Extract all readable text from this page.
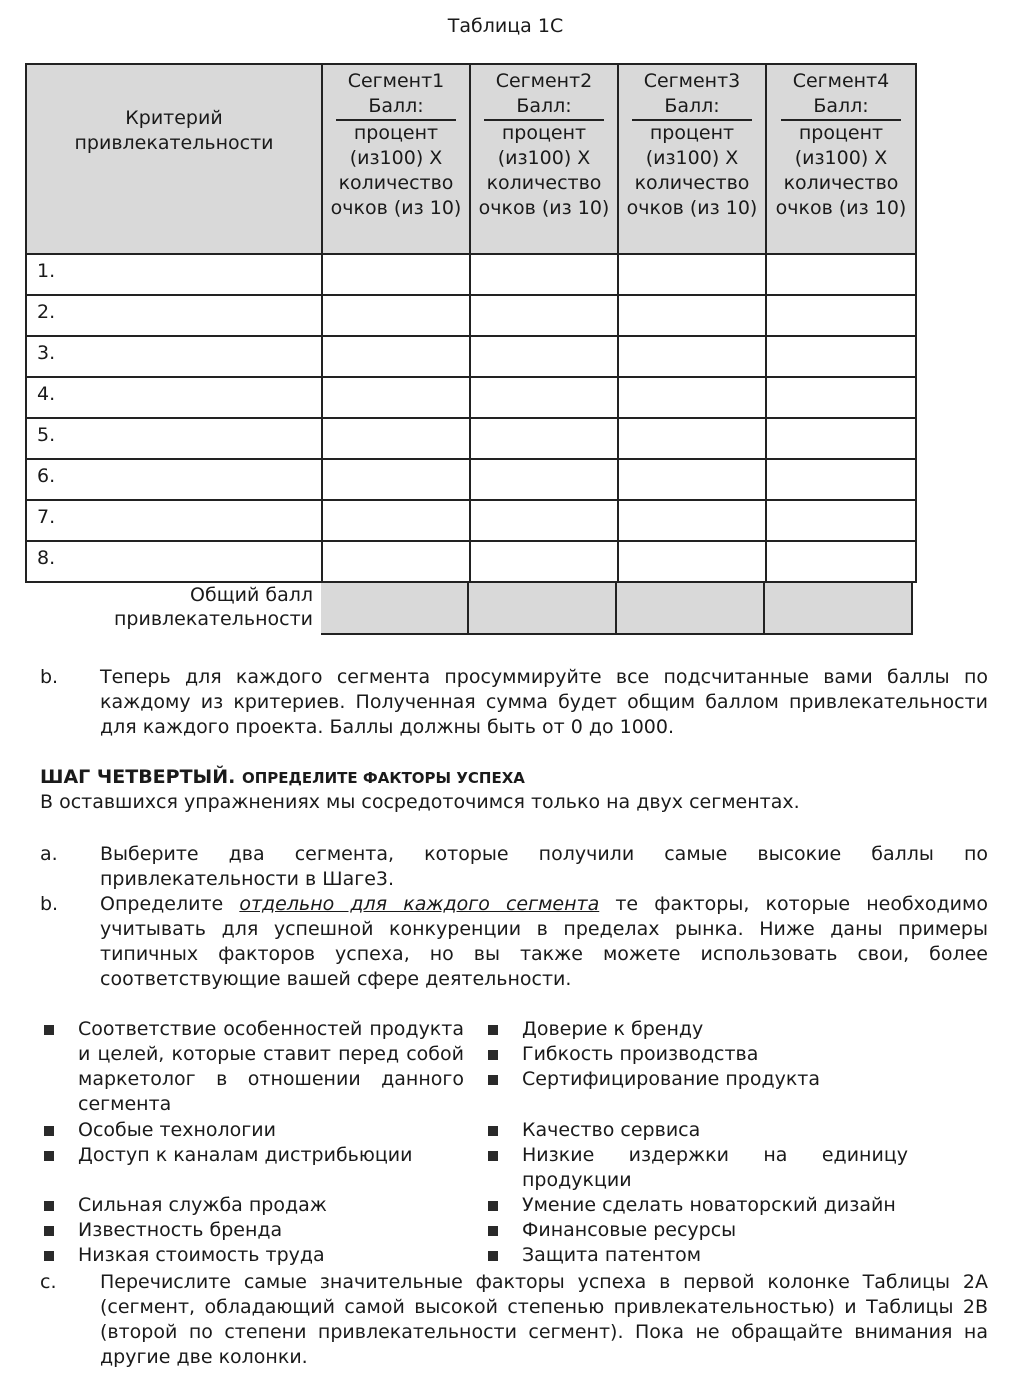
Таблица 1С
Критерий привлекательности
Сегмент1
Балл:
процент
(из100) Х количество очков (из 10)
Сегмент2
Балл:
процент
(из100) Х количество очков (из 10)
Сегмент3
Балл:
процент
(из100) Х количество очков (из 10)
Сегмент4
Балл:
процент
(из100) Х количество очков (из 10)
1.
2.
3.
4.
5.
6.
7.
8.
Общий балл привлекательности
b. Теперь для каждого сегмента просуммируйте все подсчитанные вами баллы по каждому из критериев. Полученная сумма будет общим баллом привлекательности для каждого проекта. Баллы должны быть от 0 до 1000.
ШАГ ЧЕТВЕРТЫЙ. ОПРЕДЕЛИТЕ ФАКТОРЫ УСПЕХА
В оставшихся упражнениях мы сосредоточимся только на двух сегментах.
a. Выберите два сегмента, которые получили самые высокие баллы по привлекательности в Шаге3.
b. Определите отдельно для каждого сегмента те факторы, которые необходимо учитывать для успешной конкуренции в пределах рынка. Ниже даны примеры типичных факторов успеха, но вы также можете использовать свои, более соответствующие вашей сфере деятельности.
Соответствие особенностей продукта и целей, которые ставит перед собой маркетолог в отношении данного сегмента
Особые технологии
Доступ к каналам дистрибьюции
Сильная служба продаж
Известность бренда
Низкая стоимость труда
Доверие к бренду
Гибкость производства
Сертифицирование продукта
Качество сервиса
Низкие издержки на единицу продукции
Умение сделать новаторский дизайн
Финансовые ресурсы
Защита патентом
c. Перечислите самые значительные факторы успеха в первой колонке Таблицы 2А (сегмент, обладающий самой высокой степенью привлекательностью) и Таблицы 2В (второй по степени привлекательности сегмент). Пока не обращайте внимания на другие две колонки.
